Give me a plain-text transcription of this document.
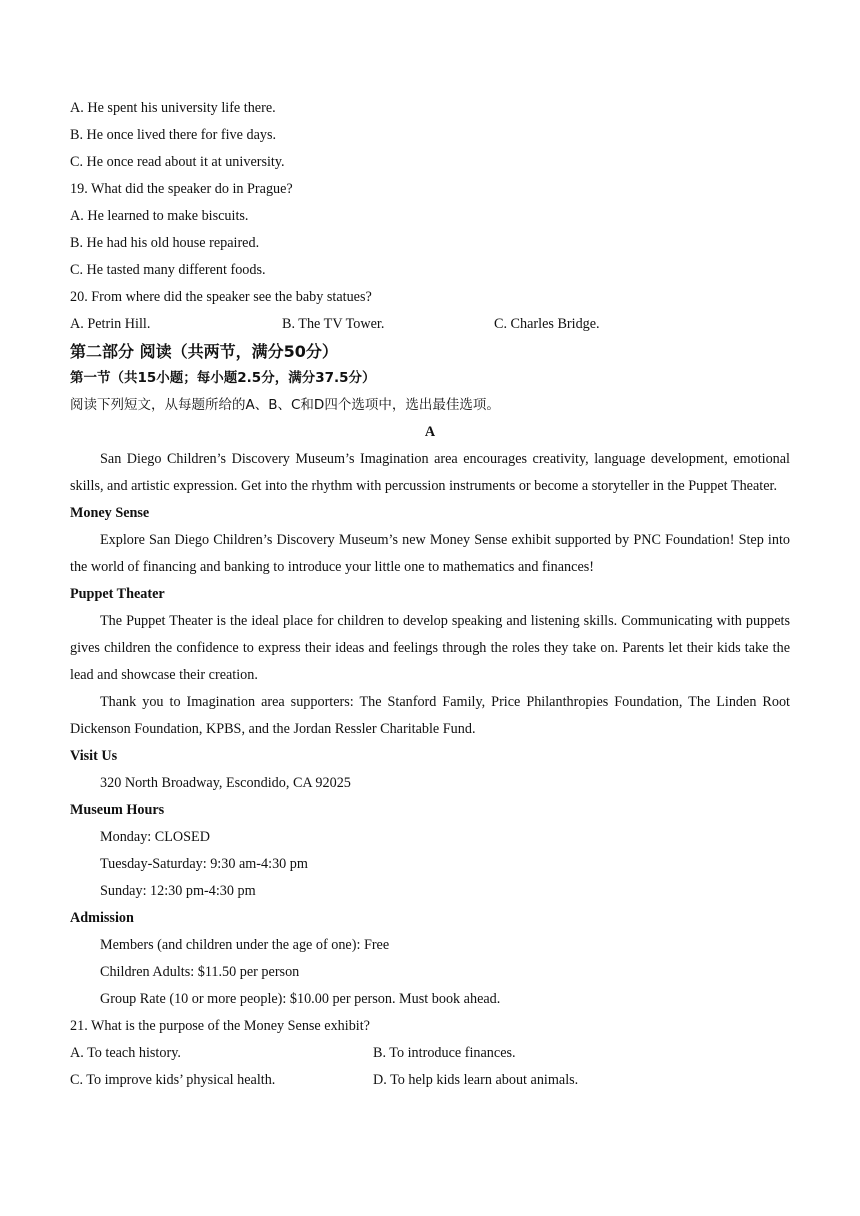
A. He spent his university life there.
B. He once lived there for five days.
C. He once read about it at university.
19. What did the speaker do in Prague?
A. He learned to make biscuits.
B. He had his old house repaired.
C. He tasted many different foods.
20. From where did the speaker see the baby statues?
A. Petrin Hill.	B. The TV Tower.	C. Charles Bridge.
第二部分 阅读（共两节，满分50分）
第一节（共15小题；每小题2.5分，满分37.5分）
阅读下列短文，从每题所给的A、B、C和D四个选项中，选出最佳选项。
A

San Diego Children’s Discovery Museum’s Imagination area encourages creativity, language development, emotional skills, and artistic expression. Get into the rhythm with percussion instruments or become a storyteller in the Puppet Theater.

Money Sense

Explore San Diego Children’s Discovery Museum’s new Money Sense exhibit supported by PNC Foundation! Step into the world of financing and banking to introduce your little one to mathematics and finances!

Puppet Theater

The Puppet Theater is the ideal place for children to develop speaking and listening skills. Communicating with puppets gives children the confidence to express their ideas and feelings through the roles they take on. Parents let their kids take the lead and showcase their creation.

Thank you to Imagination area supporters: The Stanford Family, Price Philanthropies Foundation, The Linden Root Dickenson Foundation, KPBS, and the Jordan Ressler Charitable Fund.

Visit Us
320 North Broadway, Escondido, CA 92025
Museum Hours
Monday: CLOSED
Tuesday-Saturday: 9:30 am-4:30 pm
Sunday: 12:30 pm-4:30 pm
Admission
Members (and children under the age of one): Free
Children Adults: $11.50 per person
Group Rate (10 or more people): $10.00 per person. Must book ahead.
21. What is the purpose of the Money Sense exhibit?
A. To teach history.	B. To introduce finances.
C. To improve kids’ physical health.	D. To help kids learn about animals.
